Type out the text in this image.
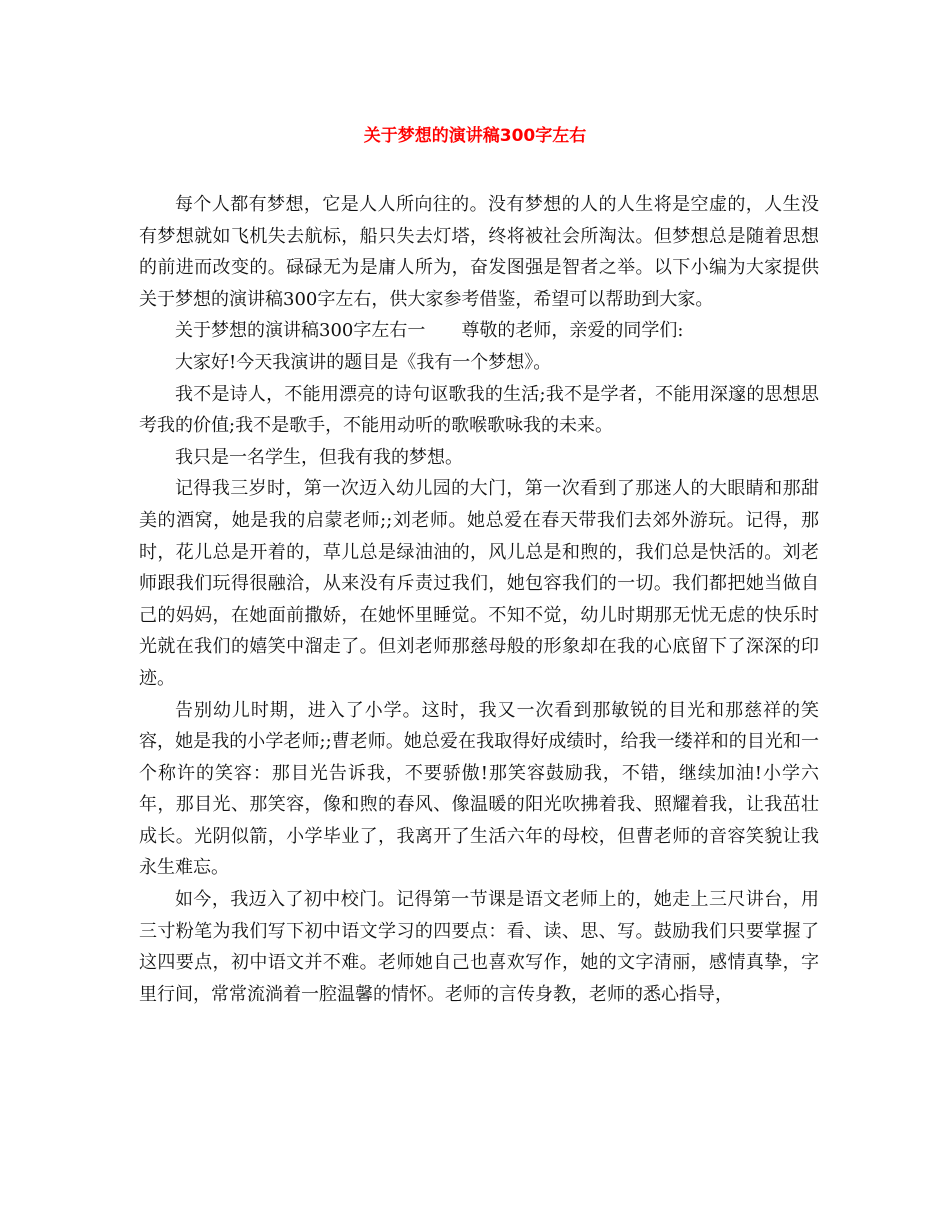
关于梦想的演讲稿300字左右

每个人都有梦想，它是人人所向往的。没有梦想的人的人生将是空虚的，人生没有梦想就如飞机失去航标，船只失去灯塔，终将被社会所淘汰。但梦想总是随着思想的前进而改变的。碌碌无为是庸人所为，奋发图强是智者之举。以下小编为大家提供关于梦想的演讲稿300字左右，供大家参考借鉴，希望可以帮助到大家。

关于梦想的演讲稿300字左右一 尊敬的老师，亲爱的同学们:

大家好!今天我演讲的题目是《我有一个梦想》。

我不是诗人，不能用漂亮的诗句讴歌我的生活;我不是学者，不能用深邃的思想思考我的价值;我不是歌手，不能用动听的歌喉歌咏我的未来。

我只是一名学生，但我有我的梦想。

记得我三岁时，第一次迈入幼儿园的大门，第一次看到了那迷人的大眼睛和那甜美的酒窝，她是我的启蒙老师;;刘老师。她总爱在春天带我们去郊外游玩。记得，那时，花儿总是开着的，草儿总是绿油油的，风儿总是和煦的，我们总是快活的。刘老师跟我们玩得很融洽，从来没有斥责过我们，她包容我们的一切。我们都把她当做自己的妈妈，在她面前撒娇，在她怀里睡觉。不知不觉，幼儿时期那无忧无虑的快乐时光就在我们的嬉笑中溜走了。但刘老师那慈母般的形象却在我的心底留下了深深的印迹。

告别幼儿时期，进入了小学。这时，我又一次看到那敏锐的目光和那慈祥的笑容，她是我的小学老师;;曹老师。她总爱在我取得好成绩时，给我一缕祥和的目光和一个称许的笑容：那目光告诉我，不要骄傲!那笑容鼓励我，不错，继续加油!小学六年，那目光、那笑容，像和煦的春风、像温暖的阳光吹拂着我、照耀着我，让我茁壮成长。光阴似箭，小学毕业了，我离开了生活六年的母校，但曹老师的音容笑貌让我永生难忘。

如今，我迈入了初中校门。记得第一节课是语文老师上的，她走上三尺讲台，用三寸粉笔为我们写下初中语文学习的四要点：看、读、思、写。鼓励我们只要掌握了这四要点，初中语文并不难。老师她自己也喜欢写作，她的文字清丽，感情真挚，字里行间，常常流淌着一腔温馨的情怀。老师的言传身教，老师的悉心指导，
